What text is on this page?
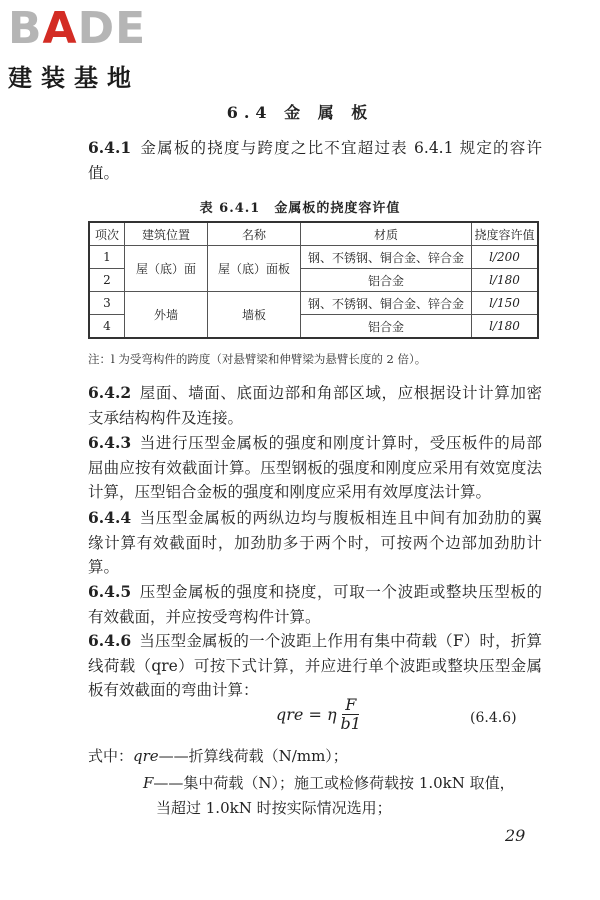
BADE
建装基地
6.4 金 属 板
6.4.1 金属板的挠度与跨度之比不宜超过表 6.4.1 规定的容许值。
表 6.4.1　金属板的挠度容许值
项次	建筑位置	名称	材质	挠度容许值
1	屋（底）面	屋（底）面板	钢、不锈钢、铜合金、锌合金	l/200
2			铝合金	l/180
3	外墙	墙板	钢、不锈钢、铜合金、锌合金	l/150
4			铝合金	l/180
注：l 为受弯构件的跨度（对悬臂梁和伸臂梁为悬臂长度的 2 倍）。
6.4.2 屋面、墙面、底面边部和角部区域，应根据设计计算加密支承结构构件及连接。
6.4.3 当进行压型金属板的强度和刚度计算时，受压板件的局部屈曲应按有效截面计算。压型钢板的强度和刚度应采用有效宽度法计算，压型铝合金板的强度和刚度应采用有效厚度法计算。
6.4.4 当压型金属板的两纵边均与腹板相连且中间有加劲肋的翼缘计算有效截面时，加劲肋多于两个时，可按两个边部加劲肋计算。
6.4.5 压型金属板的强度和挠度，可取一个波距或整块压型板的有效截面，并应按受弯构件计算。
6.4.6 当压型金属板的一个波距上作用有集中荷载（F）时，折算线荷载（qre）可按下式计算，并应进行单个波距或整块压型金属板有效截面的弯曲计算：
qre
= η $\frac{F}{b1}$	(6.4.6)
式中：qre——折算线荷载（N/mm）；
F——集中荷载（N）；施工或检修荷载按 1.0kN 取值，
当超过 1.0kN 时按实际情况选用；
29
